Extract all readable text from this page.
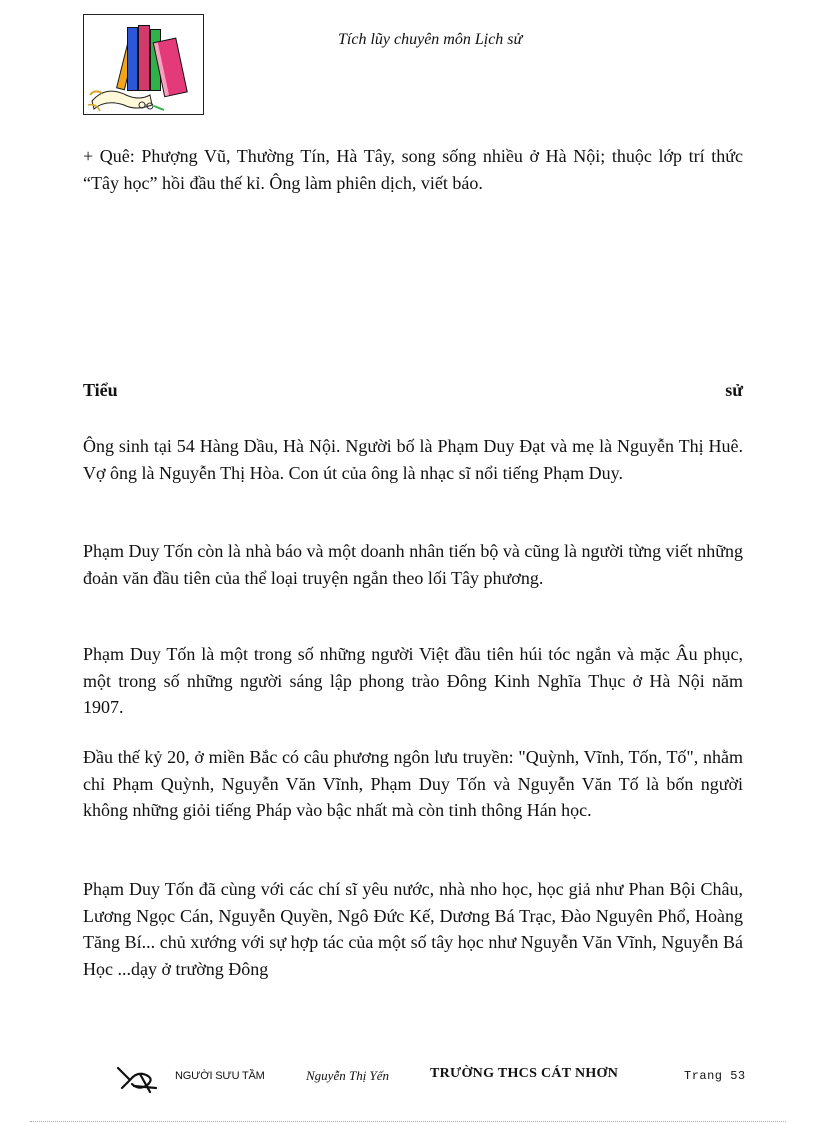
Tích lũy chuyên môn Lịch sử

+ Quê: Phượng Vũ, Thường Tín, Hà Tây, song sống nhiều ở Hà Nội; thuộc lớp trí thức “Tây học” hồi đầu thế kỉ. Ông làm phiên dịch, viết báo.

Tiểu	sử

Ông sinh tại 54 Hàng Dầu, Hà Nội. Người bố là Phạm Duy Đạt và mẹ là Nguyễn Thị Huê. Vợ ông là Nguyễn Thị Hòa. Con út của ông là nhạc sĩ nổi tiếng Phạm Duy.

Phạm Duy Tốn còn là nhà báo và một doanh nhân tiến bộ và cũng là người từng viết những đoản văn đầu tiên của thể loại truyện ngắn theo lối Tây phương.

Phạm Duy Tốn là một trong số những người Việt đầu tiên húi tóc ngắn và mặc Âu phục, một trong số những người sáng lập phong trào Đông Kinh Nghĩa Thục ở Hà Nội năm 1907.

Đầu thế kỷ 20, ở miền Bắc có câu phương ngôn lưu truyền: "Quỳnh, Vĩnh, Tốn, Tố", nhằm chỉ Phạm Quỳnh, Nguyễn Văn Vĩnh, Phạm Duy Tốn và Nguyễn Văn Tố là bốn người không những giỏi tiếng Pháp vào bậc nhất mà còn tinh thông Hán học.

Phạm Duy Tốn đã cùng với các chí sĩ yêu nước, nhà nho học, học giả như Phan Bội Châu, Lương Ngọc Cán, Nguyễn Quyền, Ngô Đức Kế, Dương Bá Trạc, Đào Nguyên Phổ, Hoàng Tăng Bí... chủ xướng với sự hợp tác của một số tây học như Nguyễn Văn Vĩnh, Nguyễn Bá Học ...dạy ở trường Đông

NGƯỜI SƯU TẦM	Nguyễn Thị Yến	TRƯỜNG THCS CÁT NHƠN	Trang 53
